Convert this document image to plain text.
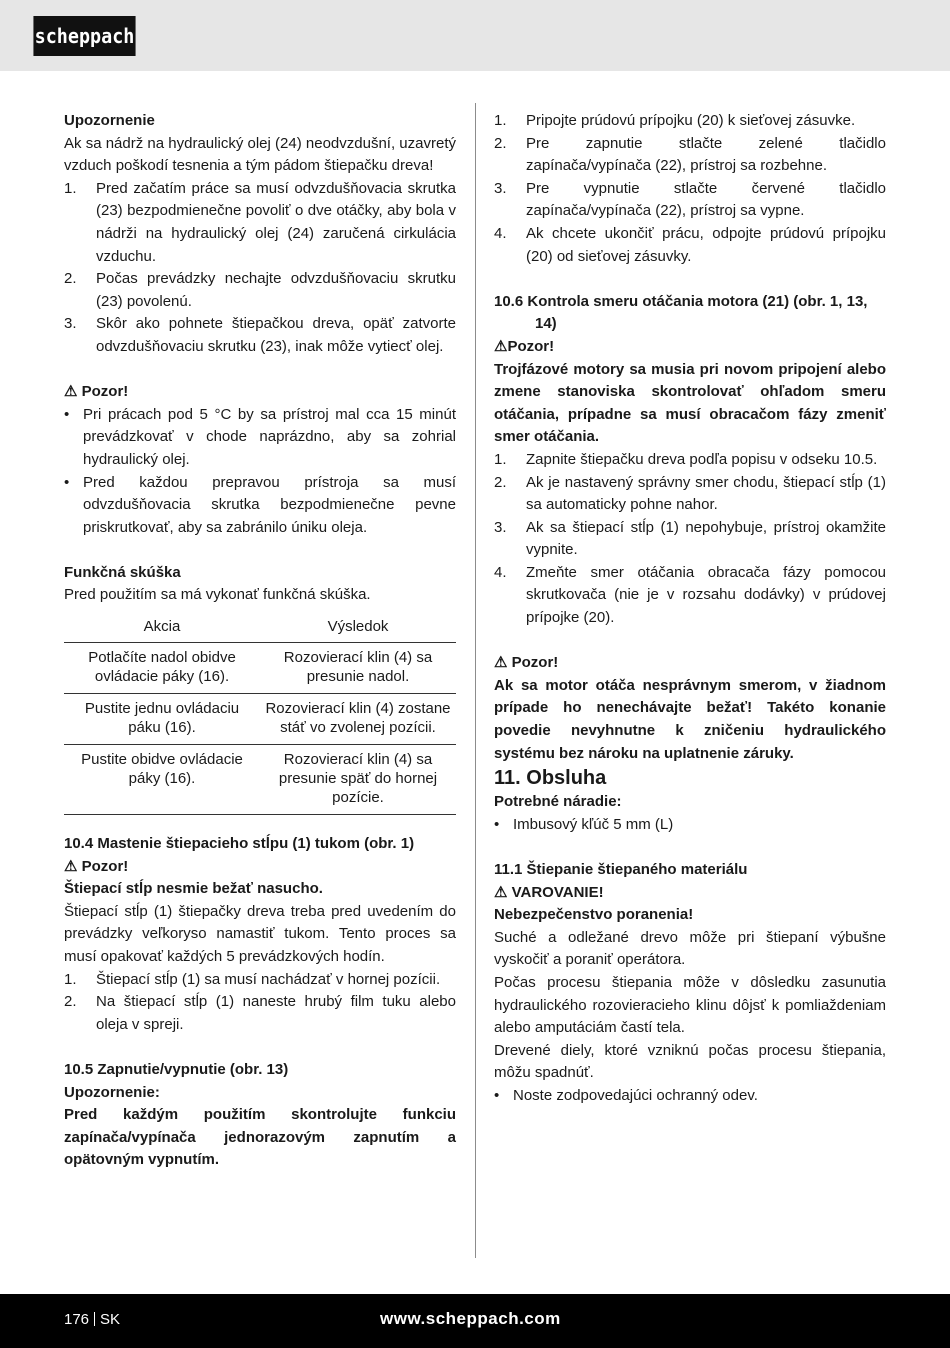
scheppach

Upozornenie

Ak sa nádrž na hydraulický olej (24) neodvzdušní, uzavretý vzduch poškodí tesnenia a tým pádom štiepačku dreva!

1. Pred začatím práce sa musí odvzdušňovacia skrutka (23) bezpodmienečne povoliť o dve otáčky, aby bola v nádrži na hydraulický olej (24) zaručená cirkulácia vzduchu.
2. Počas prevádzky nechajte odvzdušňovaciu skrutku (23) povolenú.
3. Skôr ako pohnete štiepačkou dreva, opäť zatvorte odvzdušňovaciu skrutku (23), inak môže vytiecť olej.

⚠ Pozor!

• Pri prácach pod 5 °C by sa prístroj mal cca 15 minút prevádzkovať v chode naprázdno, aby sa zohrial hydraulický olej.
• Pred každou prepravou prístroja sa musí odvzdušňovacia skrutka bezpodmienečne pevne priskrutkovať, aby sa zabránilo úniku oleja.

Funkčná skúška

Pred použitím sa má vykonať funkčná skúška.

Akcia	Výsledok
Potlačíte nadol obidve ovládacie páky (16).	Rozovierací klin (4) sa presunie nadol.
Pustite jednu ovládaciu páku (16).	Rozovierací klin (4) zostane stáť vo zvolenej pozícii.
Pustite obidve ovládacie páky (16).	Rozovierací klin (4) sa presunie späť do hornej pozície.

10.4 Mastenie štiepacieho stĺpu (1) tukom (obr. 1)

⚠ Pozor!

Štiepací stĺp nesmie bežať nasucho.

Štiepací stĺp (1) štiepačky dreva treba pred uvedením do prevádzky veľkoryso namastiť tukom. Tento proces sa musí opakovať každých 5 prevádzkových hodín.

1. Štiepací stĺp (1) sa musí nachádzať v hornej pozícii.
2. Na štiepací stĺp (1) naneste hrubý film tuku alebo oleja v spreji.

10.5 Zapnutie/vypnutie (obr. 13)

Upozornenie:

Pred každým použitím skontrolujte funkciu zapínača/vypínača jednorazovým zapnutím a opätovným vypnutím.

1. Pripojte prúdovú prípojku (20) k sieťovej zásuvke.
2. Pre zapnutie stlačte zelené tlačidlo zapínača/vypínača (22), prístroj sa rozbehne.
3. Pre vypnutie stlačte červené tlačidlo zapínača/vypínača (22), prístroj sa vypne.
4. Ak chcete ukončiť prácu, odpojte prúdovú prípojku (20) od sieťovej zásuvky.

10.6 Kontrola smeru otáčania motora (21) (obr. 1, 13, 14)

⚠Pozor!

Trojfázové motory sa musia pri novom pripojení alebo zmene stanoviska skontrolovať ohľadom smeru otáčania, prípadne sa musí obracačom fázy zmeniť smer otáčania.

1. Zapnite štiepačku dreva podľa popisu v odseku 10.5.
2. Ak je nastavený správny smer chodu, štiepací stĺp (1) sa automaticky pohne nahor.
3. Ak sa štiepací stĺp (1) nepohybuje, prístroj okamžite vypnite.
4. Zmeňte smer otáčania obracača fázy pomocou skrutkovača (nie je v rozsahu dodávky) v prúdovej prípojke (20).

⚠ Pozor!

Ak sa motor otáča nesprávnym smerom, v žiadnom prípade ho nenechávajte bežať! Takéto konanie povedie nevyhnutne k zničeniu hydraulického systému bez nároku na uplatnenie záruky.

11. Obsluha

Potrebné náradie:

• Imbusový kľúč 5 mm (L)

11.1 Štiepanie štiepaného materiálu

⚠ VAROVANIE!

Nebezpečenstvo poranenia!

Suché a odležané drevo môže pri štiepaní výbušne vyskočiť a poraniť operátora.

Počas procesu štiepania môže v dôsledku zasunutia hydraulického rozovieracieho klinu dôjsť k pomliaždeniam alebo amputáciám častí tela.

Drevené diely, ktoré vzniknú počas procesu štiepania, môžu spadnúť.

• Noste zodpovedajúci ochranný odev.
176 SK	www.scheppach.com
